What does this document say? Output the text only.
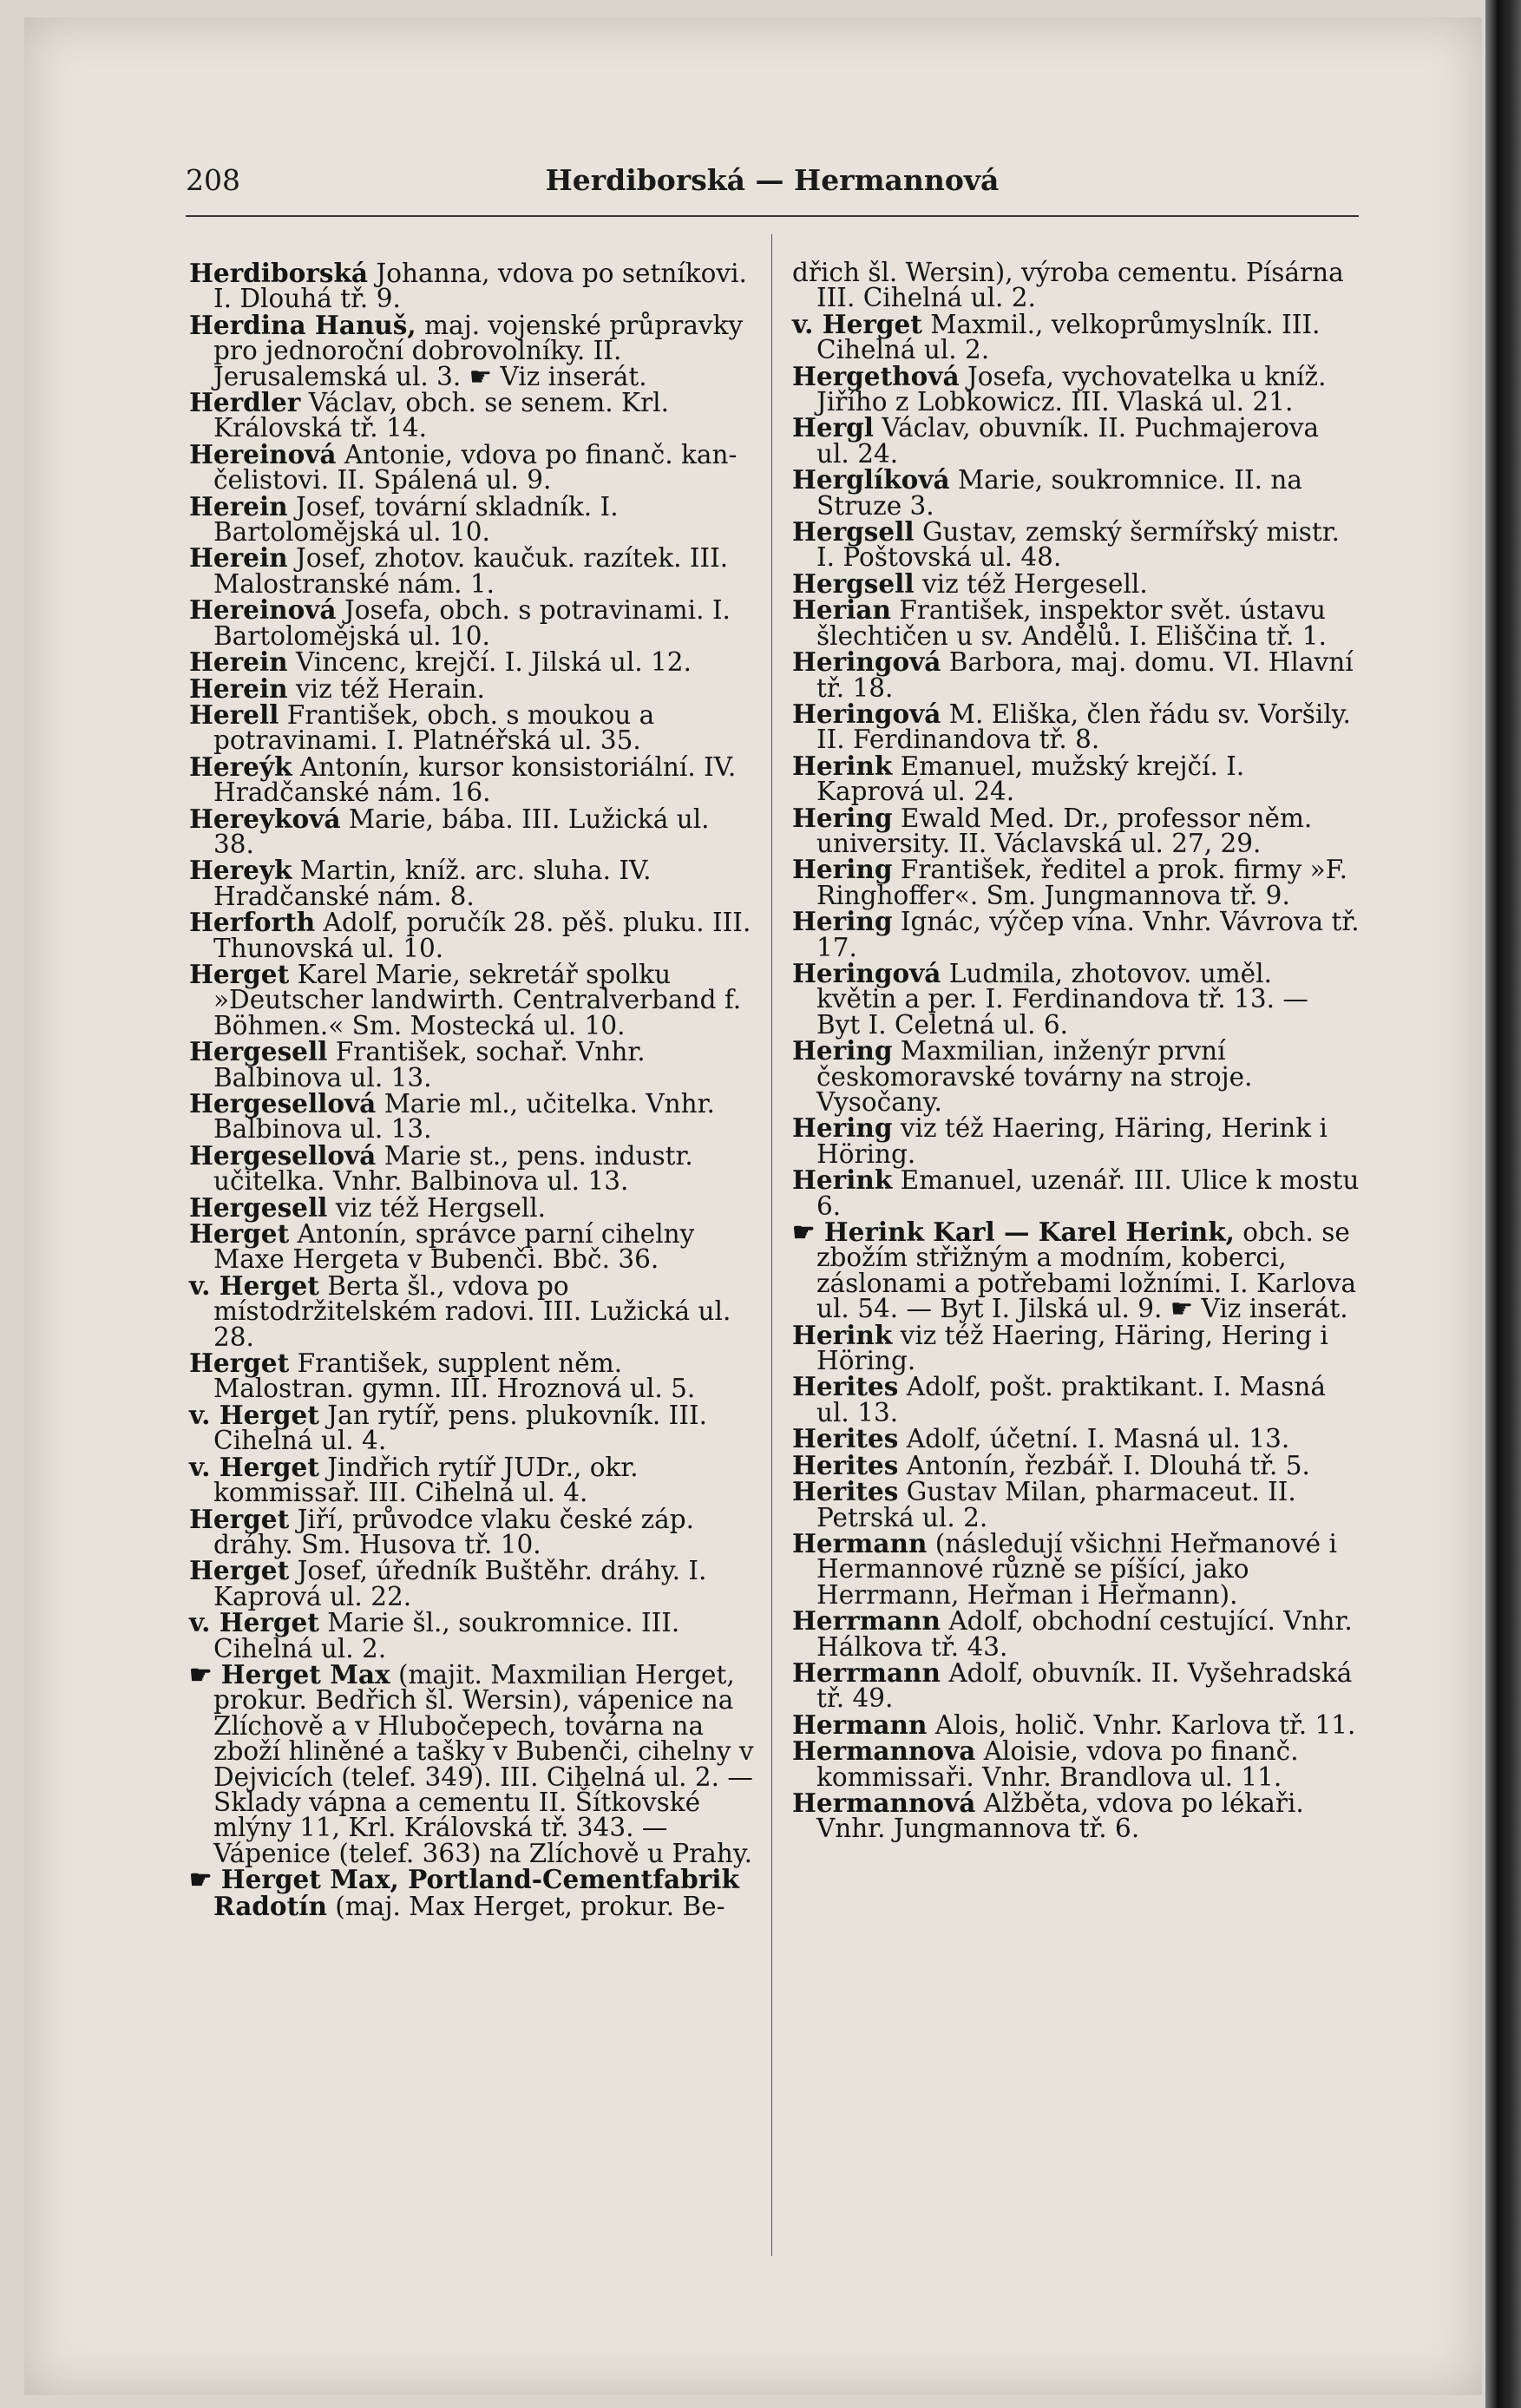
Herdiborská — Hermannová
208
Herdiborská Johanna, vdova po setníkovi. I. Dlouhá tř. 9.
Herdina Hanuš, maj. vojenské průpravky pro jednoroční dobrovolníky. II. Jerusalemská ul. 3. ☛ Viz inserát.
Herdler Václav, obch. se senem. Krl. Královská tř. 14.
Hereinová Antonie, vdova po finanč. kan- čelistovi. II. Spálená ul. 9.
Herein Josef, tovární skladník. I. Bartolomějská ul. 10.
Herein Josef, zhotov. kaučuk. razítek. III. Malostranské nám. 1.
Hereinová Josefa, obch. s potravinami. I. Bartolomějská ul. 10.
Herein Vincenc, krejčí. I. Jilská ul. 12.
Herein viz též Herain.
Herell František, obch. s moukou a potravinami. I. Platnéřská ul. 35.
Hereýk Antonín, kursor konsistoriální. IV. Hradčanské nám. 16.
Hereyková Marie, bába. III. Lužická ul. 38.
Hereyk Martin, kníž. arc. sluha. IV. Hradčanské nám. 8.
Herforth Adolf, poručík 28. pěš. pluku. III. Thunovská ul. 10.
Herget Karel Marie, sekretář spolku »Deutscher landwirth. Centralverband f. Böhmen.« Sm. Mostecká ul. 10.
Hergesell František, sochař. Vnhr. Balbinova ul. 13.
Hergesellová Marie ml., učitelka. Vnhr. Balbinova ul. 13.
Hergesellová Marie st., pens. industr. učitelka. Vnhr. Balbinova ul. 13.
Hergesell viz též Hergsell.
Herget Antonín, správce parní cihelny Maxe Hergeta v Bubenči. Bbč. 36.
v. Herget Berta šl., vdova po místodržitelském radovi. III. Lužická ul. 28.
Herget František, supplent něm. Malostran. gymn. III. Hroznová ul. 5.
v. Herget Jan rytíř, pens. plukovník. III. Cihelná ul. 4.
v. Herget Jindřich rytíř JUDr., okr. kommissař. III. Cihelná ul. 4.
Herget Jiří, průvodce vlaku české záp. dráhy. Sm. Husova tř. 10.
Herget Josef, úředník Buštěhr. dráhy. I. Kaprová ul. 22.
v. Herget Marie šl., soukromnice. III. Cihelná ul. 2.
☛ Herget Max (majit. Maxmilian Herget, prokur. Bedřich šl. Wersin), vápenice na Zlíchově a v Hlubočepech, továrna na zboží hliněné a tašky v Bubenči, cihelny v Dejvicích (telef. 349). III. Cihelná ul. 2. — Sklady vápna a cementu II. Šítkovské mlýny 11, Krl. Královská tř. 343. — Vápenice (telef. 363) na Zlíchově u Prahy.
☛ Herget Max, Portland-Cementfabrik Radotín (maj. Max Herget, prokur. Be-
dřich šl. Wersin), výroba cementu. Písárna III. Cihelná ul. 2.
v. Herget Maxmil., velkoprůmyslník. III. Cihelná ul. 2.
Hergethová Josefa, vychovatelka u kníž. Jiřího z Lobkowicz. III. Vlaská ul. 21.
Hergl Václav, obuvník. II. Puchmajerova ul. 24.
Herglíková Marie, soukromnice. II. na Struze 3.
Hergsell Gustav, zemský šermířský mistr. I. Poštovská ul. 48.
Hergsell viz též Hergesell.
Herian František, inspektor svět. ústavu šlechtičen u sv. Andělů. I. Eliščina tř. 1.
Heringová Barbora, maj. domu. VI. Hlavní tř. 18.
Heringová M. Eliška, člen řádu sv. Voršily. II. Ferdinandova tř. 8.
Herink Emanuel, mužský krejčí. I. Kaprová ul. 24.
Hering Ewald Med. Dr., professor něm. university. II. Václavská ul. 27, 29.
Hering František, ředitel a prok. firmy »F. Ringhoffer«. Sm. Jungmannova tř. 9.
Hering Ignác, výčep vína. Vnhr. Vávrova tř. 17.
Heringová Ludmila, zhotovov. uměl. květin a per. I. Ferdinandova tř. 13. — Byt I. Celetná ul. 6.
Hering Maxmilian, inženýr první českomoravské továrny na stroje. Vysočany.
Hering viz též Haering, Häring, Herink i Höring.
Herink Emanuel, uzenář. III. Ulice k mostu 6.
☛ Herink Karl — Karel Herink, obch. se zbožím střižným a modním, koberci, záslonami a potřebami ložními. I. Karlova ul. 54. — Byt I. Jilská ul. 9. ☛ Viz inserát.
Herink viz též Haering, Häring, Hering i Höring.
Herites Adolf, pošt. praktikant. I. Masná ul. 13.
Herites Adolf, účetní. I. Masná ul. 13.
Herites Antonín, řezbář. I. Dlouhá tř. 5.
Herites Gustav Milan, pharmaceut. II. Petrská ul. 2.
Hermann (následují všichni Heřmanové i Hermannové různě se píšící, jako Herrmann, Heřman i Heřmann).
Herrmann Adolf, obchodní cestující. Vnhr. Hálkova tř. 43.
Herrmann Adolf, obuvník. II. Vyšehradská tř. 49.
Hermann Alois, holič. Vnhr. Karlova tř. 11.
Hermannova Aloisie, vdova po finanč. kommissaři. Vnhr. Brandlova ul. 11.
Hermannová Alžběta, vdova po lékaři. Vnhr. Jungmannova tř. 6.
